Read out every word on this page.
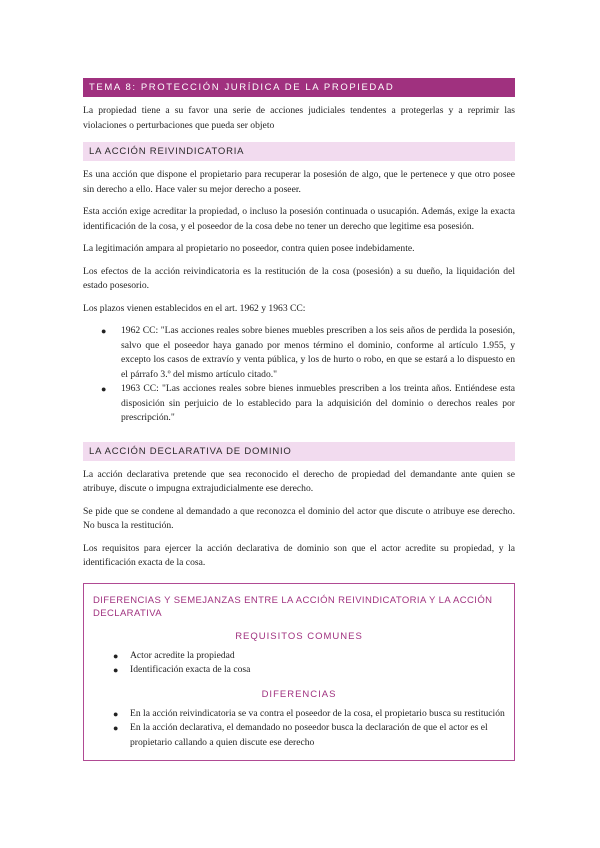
TEMA 8: PROTECCIÓN JURÍDICA DE LA PROPIEDAD

La propiedad tiene a su favor una serie de acciones judiciales tendentes a protegerlas y a reprimir las violaciones o perturbaciones que pueda ser objeto

LA ACCIÓN REIVINDICATORIA

Es una acción que dispone el propietario para recuperar la posesión de algo, que le pertenece y que otro posee sin derecho a ello. Hace valer su mejor derecho a poseer.

Esta acción exige acreditar la propiedad, o incluso la posesión continuada o usucapión. Además, exige la exacta identificación de la cosa, y el poseedor de la cosa debe no tener un derecho que legitime esa posesión.

La legitimación ampara al propietario no poseedor, contra quien posee indebidamente.

Los efectos de la acción reivindicatoria es la restitución de la cosa (posesión) a su dueño, la liquidación del estado posesorio.

Los plazos vienen establecidos en el art. 1962 y 1963 CC:

● 1962 CC: "Las acciones reales sobre bienes muebles prescriben a los seis años de perdida la posesión, salvo que el poseedor haya ganado por menos término el dominio, conforme al artículo 1.955, y excepto los casos de extravío y venta pública, y los de hurto o robo, en que se estará a lo dispuesto en el párrafo 3.º del mismo artículo citado."
● 1963 CC: "Las acciones reales sobre bienes inmuebles prescriben a los treinta años. Entiéndese esta disposición sin perjuicio de lo establecido para la adquisición del dominio o derechos reales por prescripción."
LA ACCIÓN DECLARATIVA DE DOMINIO

La acción declarativa pretende que sea reconocido el derecho de propiedad del demandante ante quien se atribuye, discute o impugna extrajudicialmente ese derecho.

Se pide que se condene al demandado a que reconozca el dominio del actor que discute o atribuye ese derecho. No busca la restitución.

Los requisitos para ejercer la acción declarativa de dominio son que el actor acredite su propiedad, y la identificación exacta de la cosa.

DIFERENCIAS Y SEMEJANZAS ENTRE LA ACCIÓN REIVINDICATORIA Y LA ACCIÓN DECLARATIVA
REQUISITOS COMUNES
● Actor acredite la propiedad
● Identificación exacta de la cosa
DIFERENCIAS
● En la acción reivindicatoria se va contra el poseedor de la cosa, el propietario busca su restitución
● En la acción declarativa, el demandado no poseedor busca la declaración de que el actor es el propietario callando a quien discute ese derecho
